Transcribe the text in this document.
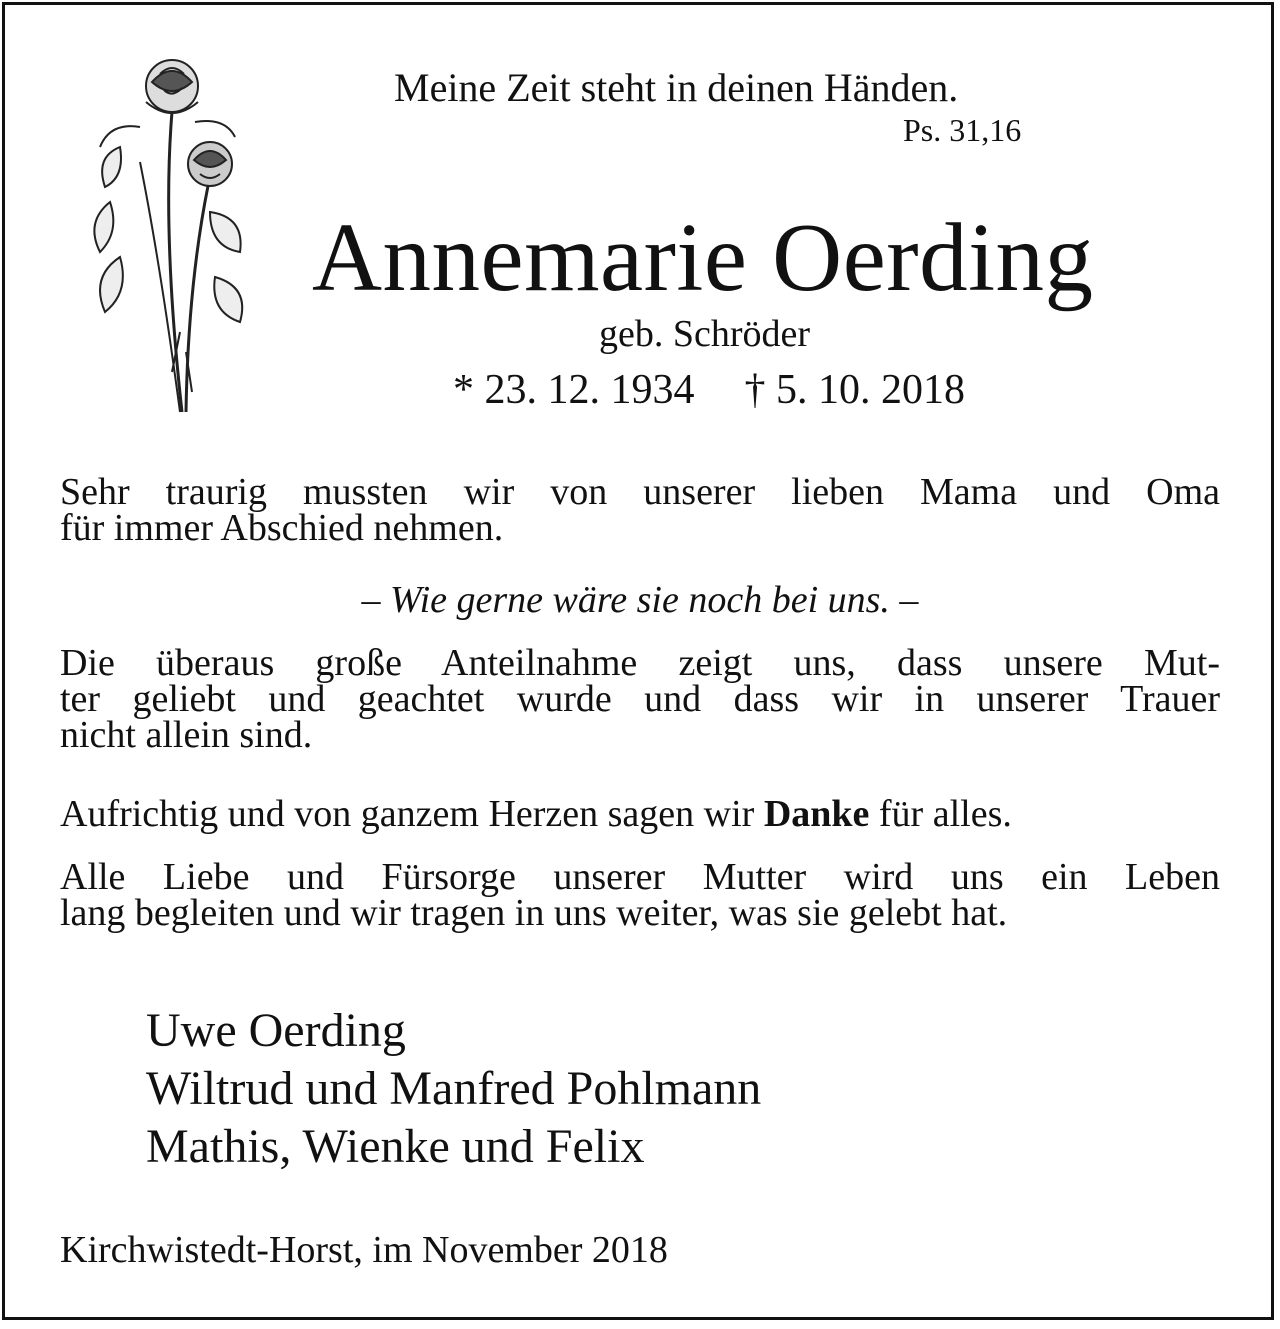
Meine Zeit steht in deinen Händen.
Ps. 31,16
Annemarie Oerding
geb. Schröder
* 23. 12. 1934 † 5. 10. 2018
Sehr traurig mussten wir von unserer lieben Mama und Oma
für immer Abschied nehmen.
– Wie gerne wäre sie noch bei uns. –
Die überaus große Anteilnahme zeigt uns, dass unsere Mut-
ter geliebt und geachtet wurde und dass wir in unserer Trauer
nicht allein sind.
Aufrichtig und von ganzem Herzen sagen wir Danke für alles.
Alle Liebe und Fürsorge unserer Mutter wird uns ein Leben
lang begleiten und wir tragen in uns weiter, was sie gelebt hat.
Uwe Oerding
Wiltrud und Manfred Pohlmann
Mathis, Wienke und Felix
Kirchwistedt-Horst, im November 2018
